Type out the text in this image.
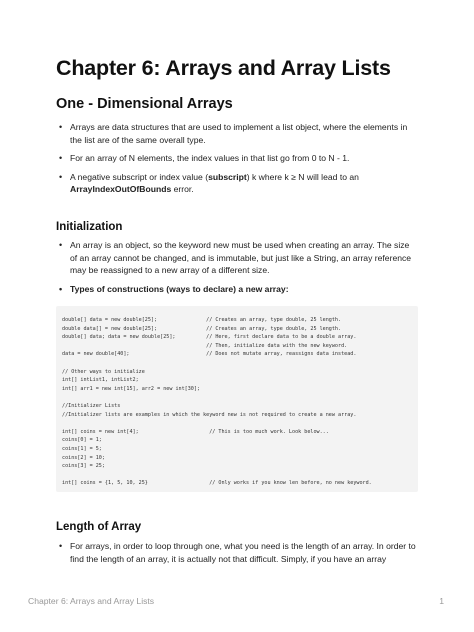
Chapter 6: Arrays and Array Lists
One - Dimensional Arrays
• Arrays are data structures that are used to implement a list object, where the elements in the list are of the same overall type.
• For an array of N elements, the index values in that list go from 0 to N - 1.
• A negative subscript or index value (subscript) k where k ≥ N will lead to an ArrayIndexOutOfBounds error.
Initialization
• An array is an object, so the keyword new must be used when creating an array. The size of an array cannot be changed, and is immutable, but just like a String, an array reference may be reassigned to a new array of a different size.
• Types of constructions (ways to declare) a new array:
double[] data = new double[25];                // Creates an array, type double, 25 length.
double data[] = new double[25];                // Creates an array, type double, 25 length.
double[] data; data = new double[25];          // Here, first declare data to be a double array.
// Then, initialize data with the new keyword.
data = new double[40];                         // Does not mutate array, reassigns data instead.

// Other ways to initialize
int[] intList1, intList2;
int[] arr1 = new int[15], arr2 = new int[30];

//Initializer Lists
//Initializer lists are examples in which the keyword new is not required to create a new array.

int[] coins = new int[4];                       // This is too much work. Look below...
coins[0] = 1;
coins[1] = 5;
coins[2] = 10;
coins[3] = 25;

int[] coins = {1, 5, 10, 25}                    // Only works if you know len before, no new keyword.
Length of Array
• For arrays, in order to loop through one, what you need is the length of an array. In order to find the length of an array, it is actually not that difficult. Simply, if you have an array
Chapter 6: Arrays and Array Lists	1
